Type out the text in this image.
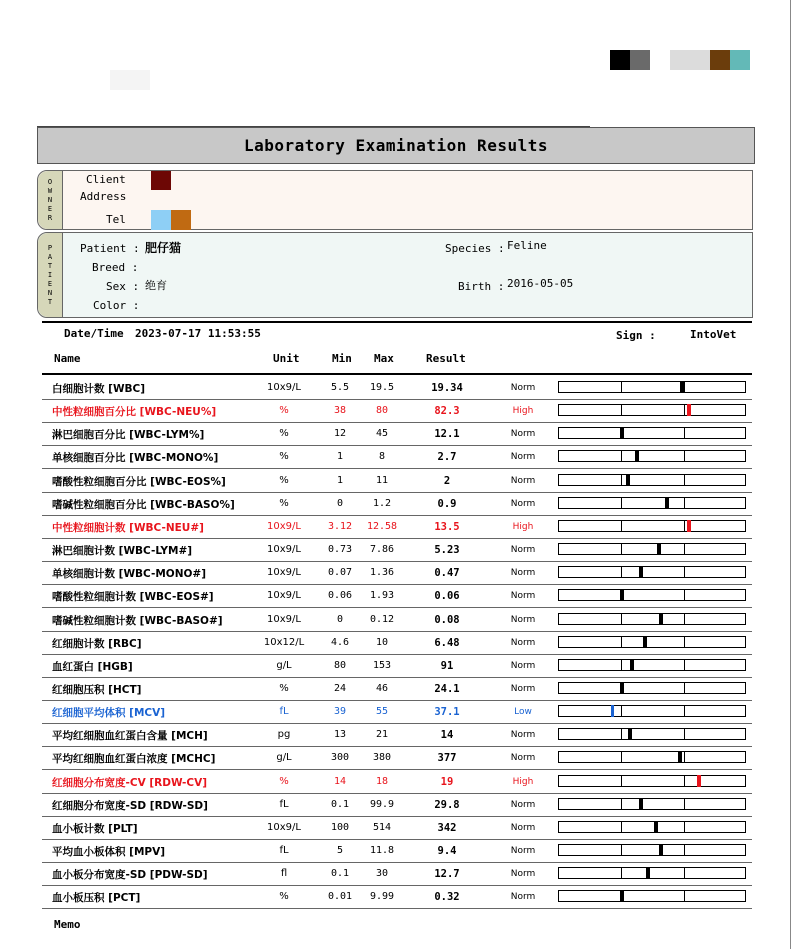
Laboratory Examination Results
O
W
N
E
R
Client
Address
Tel
P
A
T
I
E
N
T
Patient : 肥仔猫
Breed :
Sex : 绝育
Color :
Species : Feline
Birth : 2016-05-05
Date/Time 2023-07-17 11:53:55	Sign :	IntoVet
Name	Unit	Min Max	Result
白细胞计数 [WBC]	10x9/L	5.5	19.5	19.34	Norm
中性粒细胞百分比 [WBC-NEU%]	%	38	80	82.3	High
淋巴细胞百分比 [WBC-LYM%]	%	12	45	12.1	Norm
单核细胞百分比 [WBC-MONO%]	%	1	8	2.7	Norm
嗜酸性粒细胞百分比 [WBC-EOS%]	%	1	11	2	Norm
嗜碱性粒细胞百分比 [WBC-BASO%]	%	0	1.2	0.9	Norm
中性粒细胞计数 [WBC-NEU#]	10x9/L	3.12	12.58	13.5	High
淋巴细胞计数 [WBC-LYM#]	10x9/L	0.73	7.86	5.23	Norm
单核细胞计数 [WBC-MONO#]	10x9/L	0.07	1.36	0.47	Norm
嗜酸性粒细胞计数 [WBC-EOS#]	10x9/L	0.06	1.93	0.06	Norm
嗜碱性粒细胞计数 [WBC-BASO#]	10x9/L	0	0.12	0.08	Norm
红细胞计数 [RBC]	10x12/L	4.6	10	6.48	Norm
血红蛋白 [HGB]	g/L	80	153	91	Norm
红细胞压积 [HCT]	%	24	46	24.1	Norm
红细胞平均体积 [MCV]	fL	39	55	37.1	Low
平均红细胞血红蛋白含量 [MCH]	pg	13	21	14	Norm
平均红细胞血红蛋白浓度 [MCHC]	g/L	300	380	377	Norm
红细胞分布宽度-CV [RDW-CV]	%	14	18	19	High
红细胞分布宽度-SD [RDW-SD]	fL	0.1	99.9	29.8	Norm
血小板计数 [PLT]	10x9/L	100	514	342	Norm
平均血小板体积 [MPV]	fL	5	11.8	9.4	Norm
血小板分布宽度-SD [PDW-SD]	fl	0.1	30	12.7	Norm
血小板压积 [PCT]	%	0.01	9.99	0.32	Norm
Memo
